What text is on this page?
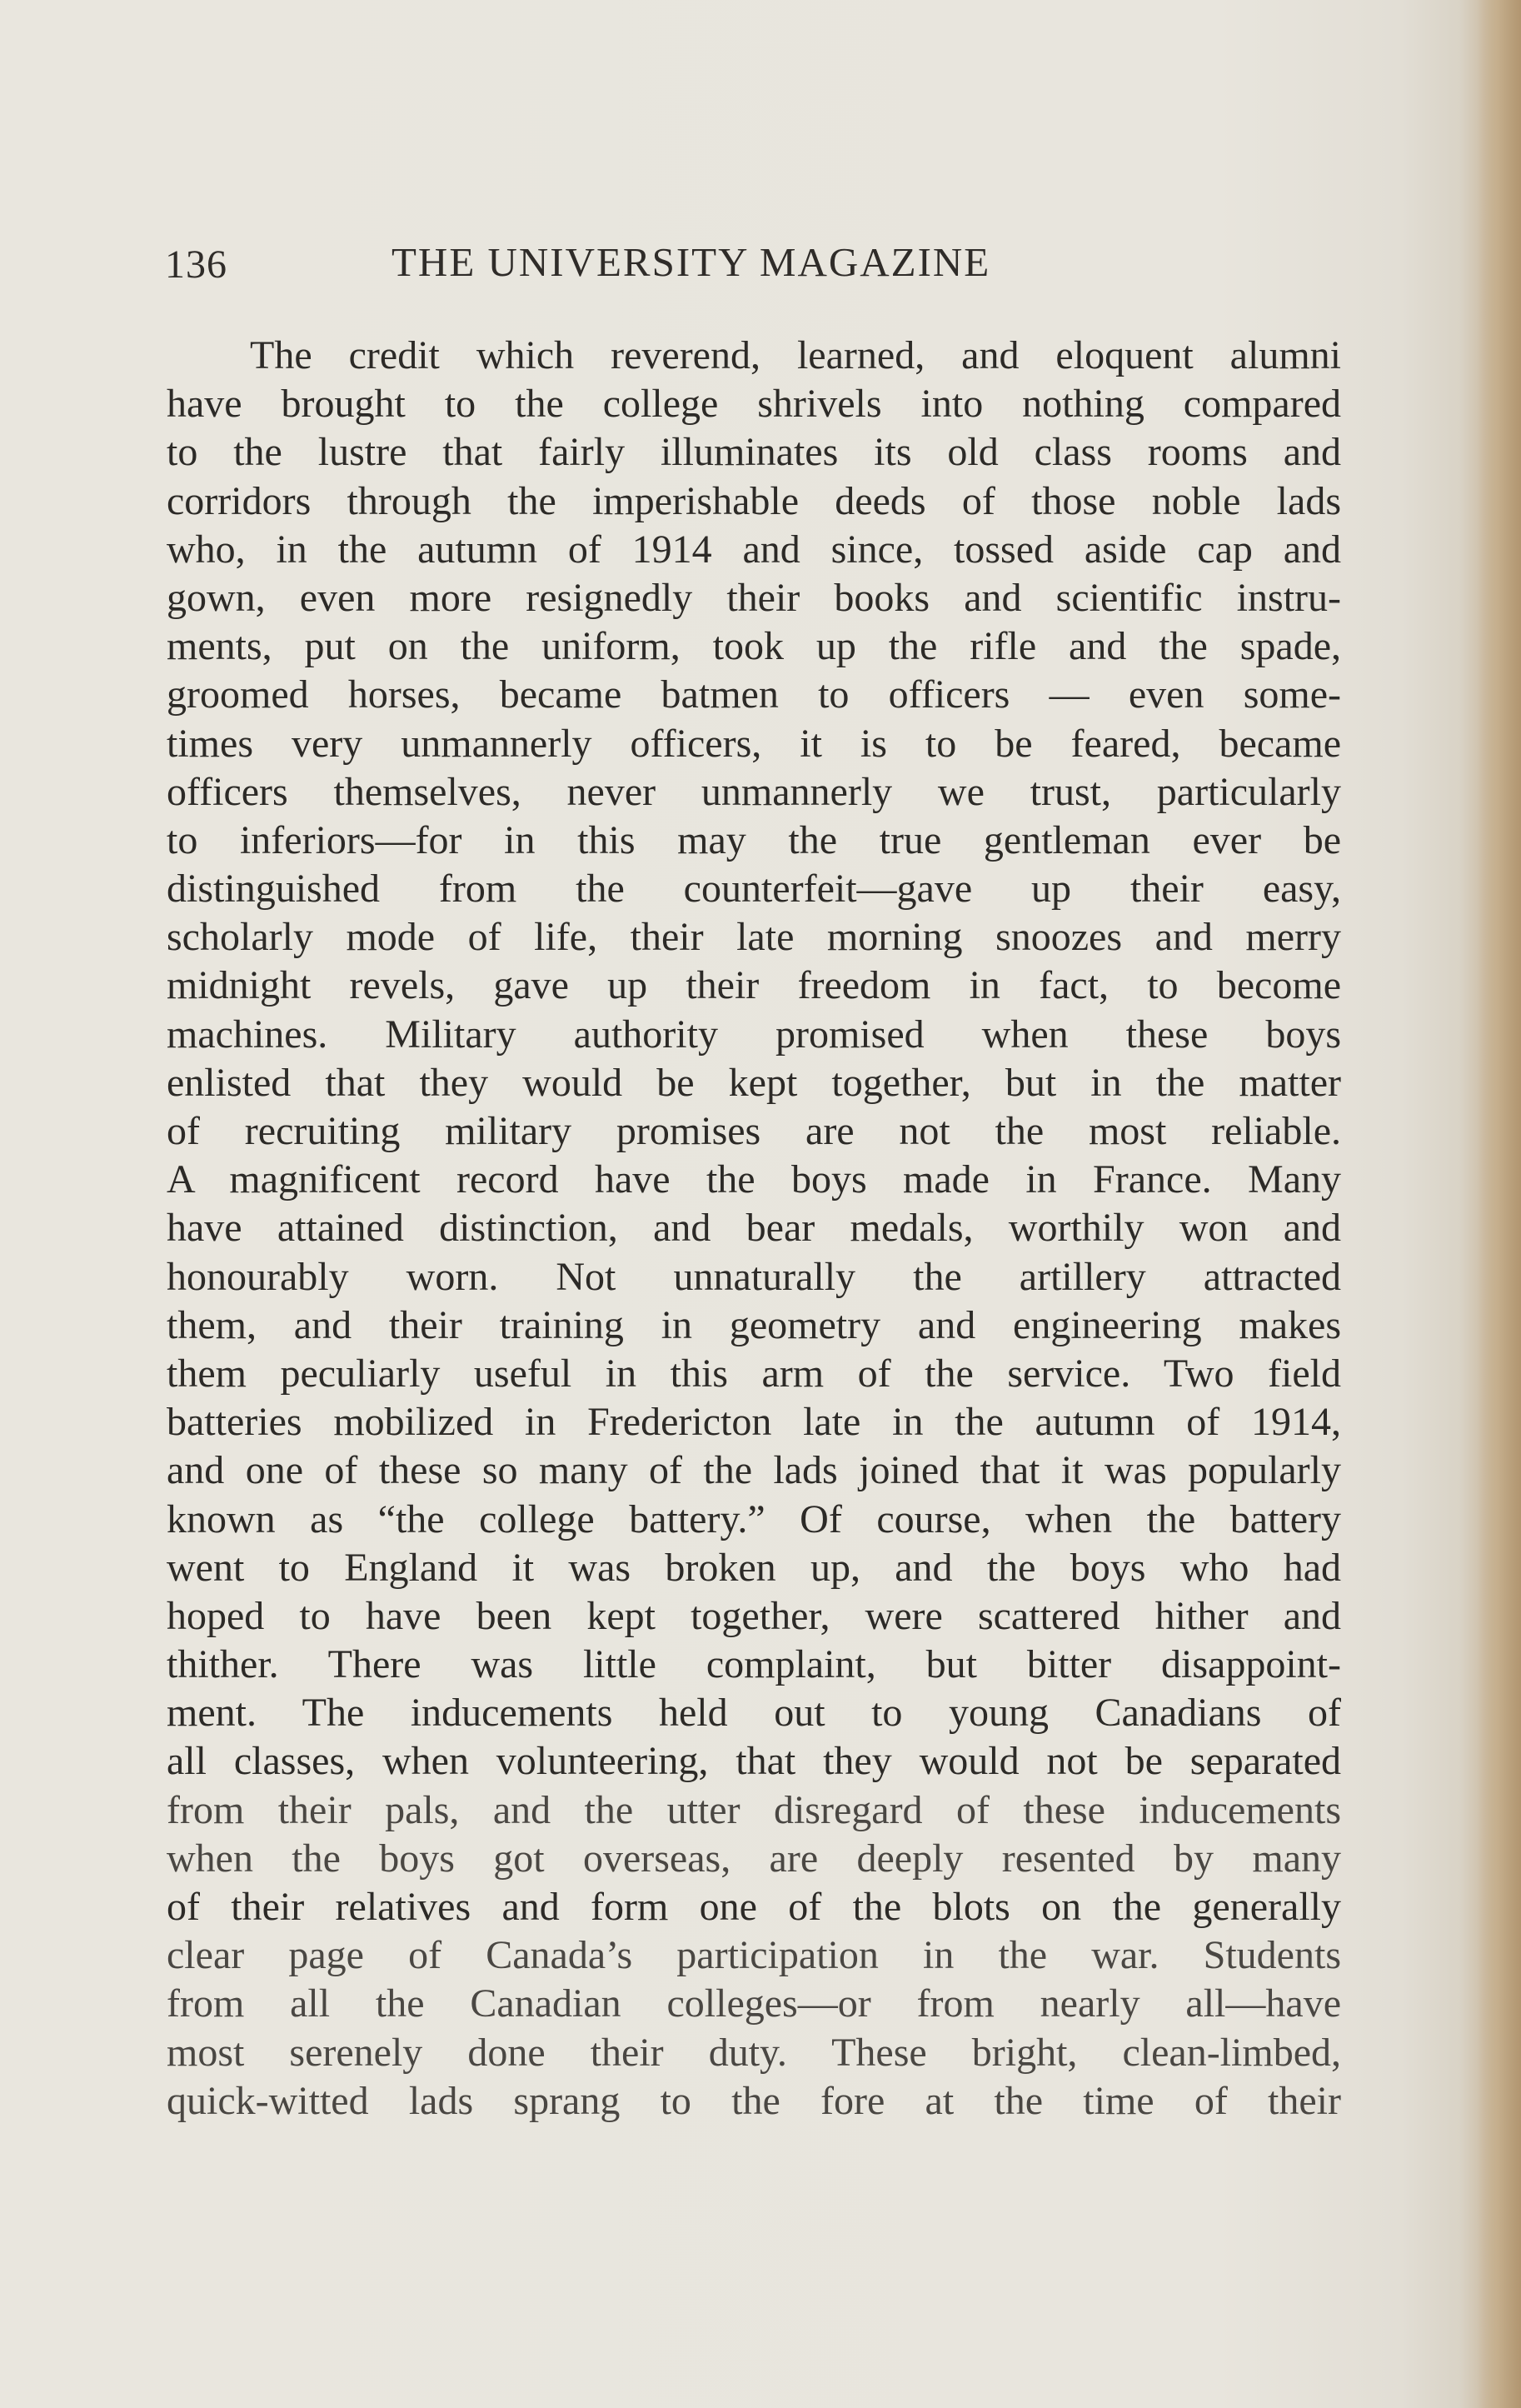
136	THE UNIVERSITY MAGAZINE
The credit which reverend, learned, and eloquent alumni
have brought to the college shrivels into nothing compared
to the lustre that fairly illuminates its old class rooms and
corridors through the imperishable deeds of those noble lads
who, in the autumn of 1914 and since, tossed aside cap and
gown, even more resignedly their books and scientific instru-
ments, put on the uniform, took up the rifle and the spade,
groomed horses, became batmen to officers — even some-
times very unmannerly officers, it is to be feared, became
officers themselves, never unmannerly we trust, particularly
to inferiors—for in this may the true gentleman ever be
distinguished from the counterfeit—gave up their easy,
scholarly mode of life, their late morning snoozes and merry
midnight revels, gave up their freedom in fact, to become
machines. Military authority promised when these boys
enlisted that they would be kept together, but in the matter
of recruiting military promises are not the most reliable.
A magnificent record have the boys made in France. Many
have attained distinction, and bear medals, worthily won and
honourably worn. Not unnaturally the artillery attracted
them, and their training in geometry and engineering makes
them peculiarly useful in this arm of the service. Two field
batteries mobilized in Fredericton late in the autumn of 1914,
and one of these so many of the lads joined that it was popularly
known as “the college battery.” Of course, when the battery
went to England it was broken up, and the boys who had
hoped to have been kept together, were scattered hither and
thither. There was little complaint, but bitter disappoint-
ment. The inducements held out to young Canadians of
all classes, when volunteering, that they would not be separated
from their pals, and the utter disregard of these inducements
when the boys got overseas, are deeply resented by many
of their relatives and form one of the blots on the generally
clear page of Canada’s participation in the war. Students
from all the Canadian colleges—or from nearly all—have
most serenely done their duty. These bright, clean-limbed,
quick-witted lads sprang to the fore at the time of their
